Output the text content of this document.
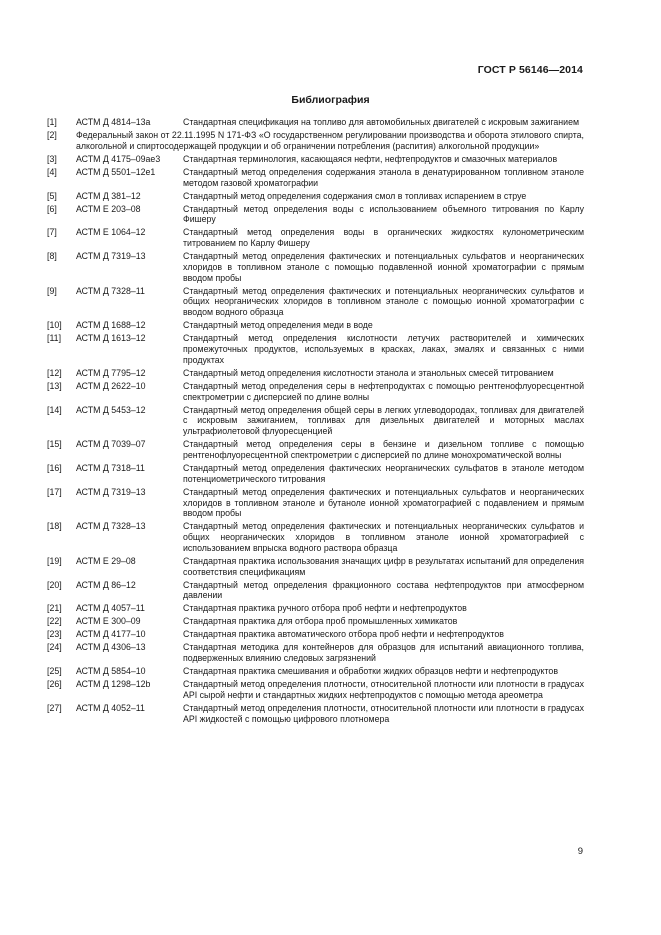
ГОСТ Р 56146—2014
Библиография
[1]	АСТМ Д 4814–13a	Стандартная спецификация на топливо для автомобильных двигателей с искровым зажиганием
[2]	Федеральный закон от 22.11.1995 N 171-ФЗ «О государственном регулировании производства и оборота этилового спирта, алкогольной и спиртосодержащей продукции и об ограничении потребления (распития) алкогольной продукции»
[3]	АСТМ Д 4175–09ae3	Стандартная терминология, касающаяся нефти, нефтепродуктов и смазочных материалов
[4]	АСТМ Д 5501–12e1	Стандартный метод определения содержания этанола в денатурированном топливном этаноле методом газовой хроматографии
[5]	АСТМ Д 381–12	Стандартный метод определения содержания смол в топливах испарением в струе
[6]	АСТМ Е 203–08	Стандартный метод определения воды с использованием объемного титрования по Карлу Фишеру
[7]	АСТМ Е 1064–12	Стандартный метод определения воды в органических жидкостях кулонометрическим титрованием по Карлу Фишеру
[8]	АСТМ Д 7319–13	Стандартный метод определения фактических и потенциальных сульфатов и неорганических хлоридов в топливном этаноле с помощью подавленной ионной хроматографии с прямым вводом пробы
[9]	АСТМ Д 7328–11	Стандартный метод определения фактических и потенциальных неорганических сульфатов и общих неорганических хлоридов в топливном этаноле с помощью ионной хроматографии с вводом водного образца
[10]	АСТМ Д 1688–12	Стандартный метод определения меди в воде
[11]	АСТМ Д 1613–12	Стандартный метод определения кислотности летучих растворителей и химических промежуточных продуктов, используемых в красках, лаках, эмалях и связанных с ними продуктах
[12]	АСТМ Д 7795–12	Стандартный метод определения кислотности этанола и этанольных смесей титрованием
[13]	АСТМ Д 2622–10	Стандартный метод определения серы в нефтепродуктах с помощью рентгенофлуоресцентной спектрометрии с дисперсией по длине волны
[14]	АСТМ Д 5453–12	Стандартный метод определения общей серы в легких углеводородах, топливах для двигателей с искровым зажиганием, топливах для дизельных двигателей и моторных маслах ультрафиолетовой флуоресценцией
[15]	АСТМ Д 7039–07	Стандартный метод определения серы в бензине и дизельном топливе с помощью рентгенофлуоресцентной спектрометрии с дисперсией по длине монохроматической волны
[16]	АСТМ Д 7318–11	Стандартный метод определения фактических неорганических сульфатов в этаноле методом потенциометрического титрования
[17]	АСТМ Д 7319–13	Стандартный метод определения фактических и потенциальных сульфатов и неорганических хлоридов в топливном этаноле и бутаноле ионной хроматографией с подавлением и прямым вводом пробы
[18]	АСТМ Д 7328–13	Стандартный метод определения фактических и потенциальных неорганических сульфатов и общих неорганических хлоридов в топливном этаноле ионной хроматографией с использованием впрыска водного раствора образца
[19]	АСТМ Е 29–08	Стандартная практика использования значащих цифр в результатах испытаний для определения соответствия спецификациям
[20]	АСТМ Д 86–12	Стандартный метод определения фракционного состава нефтепродуктов при атмосферном давлении
[21]	АСТМ Д 4057–11	Стандартная практика ручного отбора проб нефти и нефтепродуктов
[22]	АСТМ Е 300–09	Стандартная практика для отбора проб промышленных химикатов
[23]	АСТМ Д 4177–10	Стандартная практика автоматического отбора проб нефти и нефтепродуктов
[24]	АСТМ Д 4306–13	Стандартная методика для контейнеров для образцов для испытаний авиационного топлива, подверженных влиянию следовых загрязнений
[25]	АСТМ Д 5854–10	Стандартная практика смешивания и обработки жидких образцов нефти и нефтепродуктов
[26]	АСТМ Д 1298–12b	Стандартный метод определения плотности, относительной плотности или плотности в градусах API сырой нефти и стандартных жидких нефтепродуктов с помощью метода ареометра
[27]	АСТМ Д 4052–11	Стандартный метод определения плотности, относительной плотности или плотности в градусах API жидкостей с помощью цифрового плотномера
9
